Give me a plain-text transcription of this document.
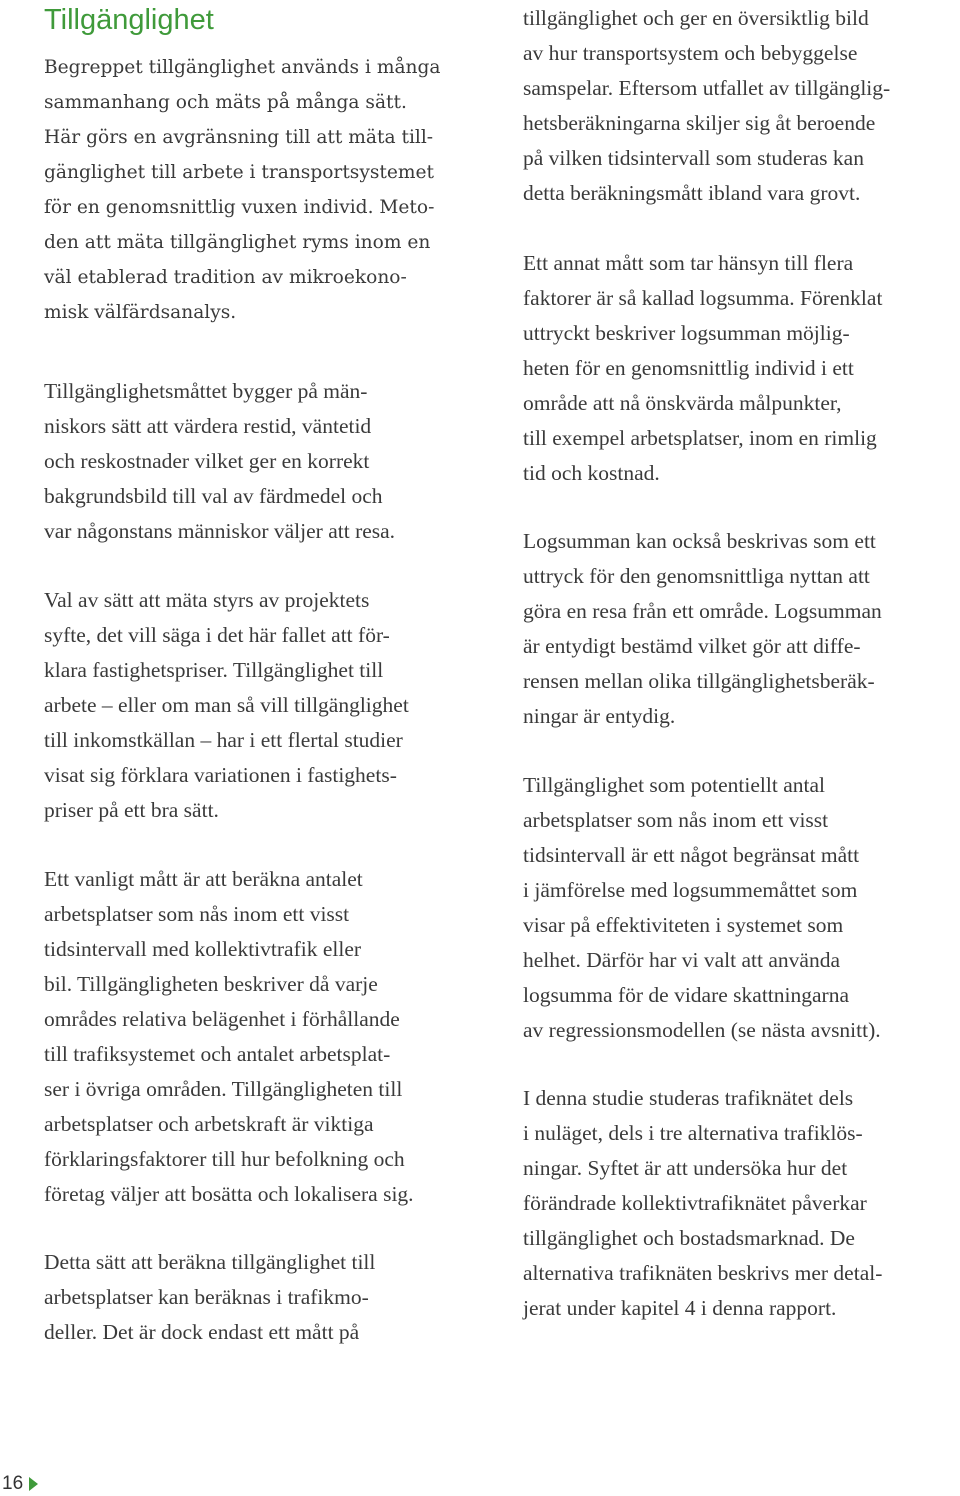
Tillgänglighet
Begreppet tillgänglighet används i många
sammanhang och mäts på många sätt.
Här görs en avgränsning till att mäta till-
gänglighet till arbete i transportsystemet
för en genomsnittlig vuxen individ. Meto-
den att mäta tillgänglighet ryms inom en
väl etablerad tradition av mikroekono-
misk välfärdsanalys.
Tillgänglighetsmåttet bygger på män-
niskors sätt att värdera restid, väntetid
och reskostnader vilket ger en korrekt
bakgrundsbild till val av färdmedel och
var någonstans människor väljer att resa.
Val av sätt att mäta styrs av projektets
syfte, det vill säga i det här fallet att för-
klara fastighetspriser. Tillgänglighet till
arbete – eller om man så vill tillgänglighet
till inkomstkällan – har i ett flertal studier
visat sig förklara variationen i fastighets-
priser på ett bra sätt.
Ett vanligt mått är att beräkna antalet
arbetsplatser som nås inom ett visst
tidsintervall med kollektivtrafik eller
bil. Tillgängligheten beskriver då varje
områdes relativa belägenhet i förhållande
till trafiksystemet och antalet arbetsplat-
ser i övriga områden. Tillgängligheten till
arbetsplatser och arbetskraft är viktiga
förklaringsfaktorer till hur befolkning och
företag väljer att bosätta och lokalisera sig.
Detta sätt att beräkna tillgänglighet till
arbetsplatser kan beräknas i trafikmo-
deller. Det är dock endast ett mått på
tillgänglighet och ger en översiktlig bild
av hur transportsystem och bebyggelse
samspelar. Eftersom utfallet av tillgänglig-
hetsberäkningarna skiljer sig åt beroende
på vilken tidsintervall som studeras kan
detta beräkningsmått ibland vara grovt.
Ett annat mått som tar hänsyn till flera
faktorer är så kallad logsumma. Förenklat
uttryckt beskriver logsumman möjlig-
heten för en genomsnittlig individ i ett
område att nå önskvärda målpunkter,
till exempel arbetsplatser, inom en rimlig
tid och kostnad.
Logsumman kan också beskrivas som ett
uttryck för den genomsnittliga nyttan att
göra en resa från ett område. Logsumman
är entydigt bestämd vilket gör att diffe-
rensen mellan olika tillgänglighetsberäk-
ningar är entydig.
Tillgänglighet som potentiellt antal
arbetsplatser som nås inom ett visst
tidsintervall är ett något begränsat mått
i jämförelse med logsummemåttet som
visar på effektiviteten i systemet som
helhet. Därför har vi valt att använda
logsumma för de vidare skattningarna
av regressionsmodellen (se nästa avsnitt).
I denna studie studeras trafiknätet dels
i nuläget, dels i tre alternativa trafiklös-
ningar. Syftet är att undersöka hur det
förändrade kollektivtrafiknätet påverkar
tillgänglighet och bostadsmarknad. De
alternativa trafiknäten beskrivs mer detal-
jerat under kapitel 4 i denna rapport.
16
